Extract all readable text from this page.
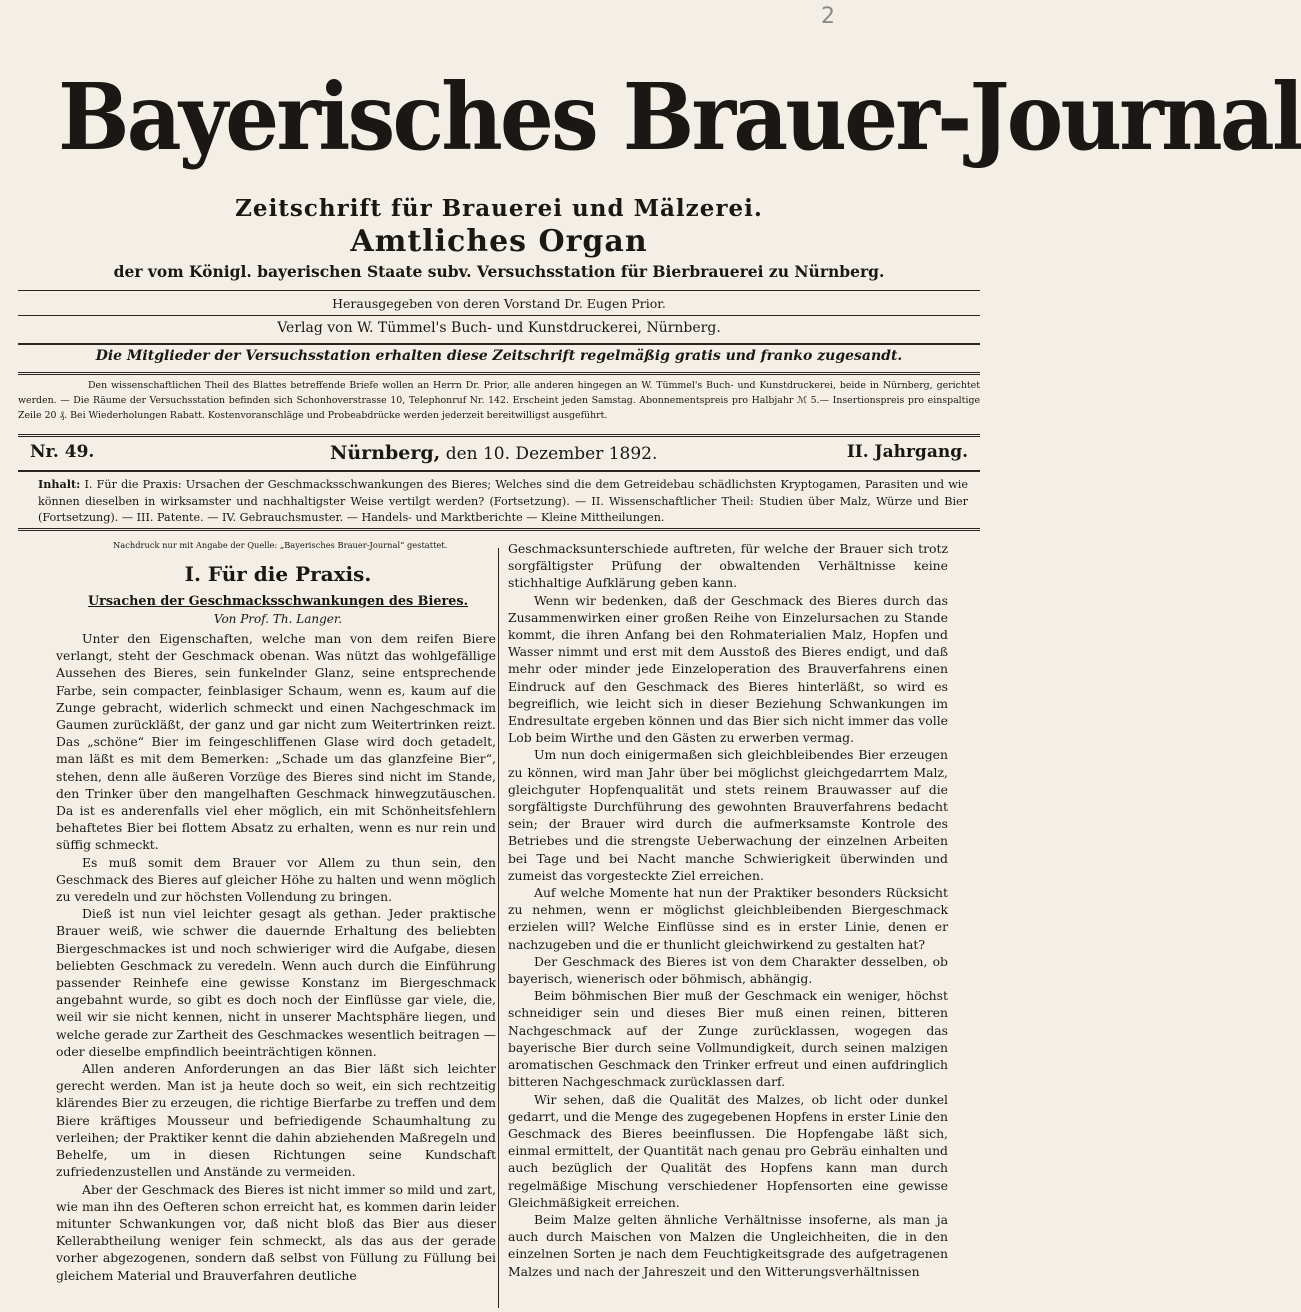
2
Bayerisches Brauer-Journal
Zeitschrift für Brauerei und Mälzerei.
Amtliches Organ
der vom Königl. bayerischen Staate subv. Versuchsstation für Bierbrauerei zu Nürnberg.
Herausgegeben von deren Vorstand Dr. Eugen Prior.
Verlag von W. Tümmel's Buch- und Kunstdruckerei, Nürnberg.
Die Mitglieder der Versuchsstation erhalten diese Zeitschrift regelmäßig gratis und franko zugesandt.
Den wissenschaftlichen Theil des Blattes betreffende Briefe wollen an Herrn Dr. Prior, alle anderen hingegen an W. Tümmel's Buch- und Kunstdruckerei, beide in Nürnberg, gerichtet werden. — Die Räume der Versuchsstation befinden sich Schonhoverstrasse 10, Telephonruf Nr. 142. Erscheint jeden Samstag. Abonnementspreis pro Halbjahr ℳ 5.— Insertionspreis pro einspaltige Zeile 20 ₰. Bei Wiederholungen Rabatt. Kostenvoranschläge und Probeabdrücke werden jederzeit bereitwilligst ausgeführt.
Nr. 49.	Nürnberg, den 10. Dezember 1892.	II. Jahrgang.
Inhalt: I. Für die Praxis: Ursachen der Geschmacksschwankungen des Bieres; Welches sind die dem Getreidebau schädlichsten Kryptogamen, Parasiten und wie können dieselben in wirksamster und nachhaltigster Weise vertilgt werden? (Fortsetzung). — II. Wissenschaftlicher Theil: Studien über Malz, Würze und Bier (Fortsetzung). — III. Patente. — IV. Gebrauchsmuster. — Handels- und Marktberichte — Kleine Mittheilungen.
Nachdruck nur mit Angabe der Quelle: „Bayerisches Brauer-Journal“ gestattet.
I. Für die Praxis.
Ursachen der Geschmacksschwankungen des Bieres.
Von Prof. Th. Langer.

Unter den Eigenschaften, welche man von dem reifen Biere verlangt, steht der Geschmack obenan. Was nützt das wohlgefällige Aussehen des Bieres, sein funkelnder Glanz, seine entsprechende Farbe, sein compacter, feinblasiger Schaum, wenn es, kaum auf die Zunge gebracht, widerlich schmeckt und einen Nachgeschmack im Gaumen zurückläßt, der ganz und gar nicht zum Weitertrinken reizt. Das „schöne“ Bier im feingeschliffenen Glase wird doch getadelt, man läßt es mit dem Bemerken: „Schade um das glanzfeine Bier“, stehen, denn alle äußeren Vorzüge des Bieres sind nicht im Stande, den Trinker über den mangelhaften Geschmack hinwegzutäuschen. Da ist es anderenfalls viel eher möglich, ein mit Schönheitsfehlern behaftetes Bier bei flottem Absatz zu erhalten, wenn es nur rein und süffig schmeckt.

Es muß somit dem Brauer vor Allem zu thun sein, den Geschmack des Bieres auf gleicher Höhe zu halten und wenn möglich zu veredeln und zur höchsten Vollendung zu bringen.

Dieß ist nun viel leichter gesagt als gethan. Jeder praktische Brauer weiß, wie schwer die dauernde Erhaltung des beliebten Biergeschmackes ist und noch schwieriger wird die Aufgabe, diesen beliebten Geschmack zu veredeln. Wenn auch durch die Einführung passender Reinhefe eine gewisse Konstanz im Biergeschmack angebahnt wurde, so gibt es doch noch der Einflüsse gar viele, die, weil wir sie nicht kennen, nicht in unserer Machtsphäre liegen, und welche gerade zur Zartheit des Geschmackes wesentlich beitragen — oder dieselbe empfindlich beeinträchtigen können.

Allen anderen Anforderungen an das Bier läßt sich leichter gerecht werden. Man ist ja heute doch so weit, ein sich rechtzeitig klärendes Bier zu erzeugen, die richtige Bierfarbe zu treffen und dem Biere kräftiges Mousseur und befriedigende Schaumhaltung zu verleihen; der Praktiker kennt die dahin abziehenden Maßregeln und Behelfe, um in diesen Richtungen seine Kundschaft zufriedenzustellen und Anstände zu vermeiden.

Aber der Geschmack des Bieres ist nicht immer so mild und zart, wie man ihn des Oefteren schon erreicht hat, es kommen darin leider mitunter Schwankungen vor, daß nicht bloß das Bier aus dieser Kellerabtheilung weniger fein schmeckt, als das aus der gerade vorher abgezogenen, sondern daß selbst von Füllung zu Füllung bei gleichem Material und Brauverfahren deutliche

Geschmacksunterschiede auftreten, für welche der Brauer sich trotz sorgfältigster Prüfung der obwaltenden Verhältnisse keine stichhaltige Aufklärung geben kann.

Wenn wir bedenken, daß der Geschmack des Bieres durch das Zusammenwirken einer großen Reihe von Einzelursachen zu Stande kommt, die ihren Anfang bei den Rohmaterialien Malz, Hopfen und Wasser nimmt und erst mit dem Ausstoß des Bieres endigt, und daß mehr oder minder jede Einzeloperation des Brauverfahrens einen Eindruck auf den Geschmack des Bieres hinterläßt, so wird es begreiflich, wie leicht sich in dieser Beziehung Schwankungen im Endresultate ergeben können und das Bier sich nicht immer das volle Lob beim Wirthe und den Gästen zu erwerben vermag.

Um nun doch einigermaßen sich gleichbleibendes Bier erzeugen zu können, wird man Jahr über bei möglichst gleichgedarrtem Malz, gleichguter Hopfenqualität und stets reinem Brauwasser auf die sorgfältigste Durchführung des gewohnten Brauverfahrens bedacht sein; der Brauer wird durch die aufmerksamste Kontrole des Betriebes und die strengste Ueberwachung der einzelnen Arbeiten bei Tage und bei Nacht manche Schwierigkeit überwinden und zumeist das vorgesteckte Ziel erreichen.

Auf welche Momente hat nun der Praktiker besonders Rücksicht zu nehmen, wenn er möglichst gleichbleibenden Biergeschmack erzielen will? Welche Einflüsse sind es in erster Linie, denen er nachzugeben und die er thunlicht gleichwirkend zu gestalten hat?

Der Geschmack des Bieres ist von dem Charakter desselben, ob bayerisch, wienerisch oder böhmisch, abhängig.

Beim böhmischen Bier muß der Geschmack ein weniger, höchst schneidiger sein und dieses Bier muß einen reinen, bitteren Nachgeschmack auf der Zunge zurücklassen, wogegen das bayerische Bier durch seine Vollmundigkeit, durch seinen malzigen aromatischen Geschmack den Trinker erfreut und einen aufdringlich bitteren Nachgeschmack zurücklassen darf.

Wir sehen, daß die Qualität des Malzes, ob licht oder dunkel gedarrt, und die Menge des zugegebenen Hopfens in erster Linie den Geschmack des Bieres beeinflussen. Die Hopfengabe läßt sich, einmal ermittelt, der Quantität nach genau pro Gebräu einhalten und auch bezüglich der Qualität des Hopfens kann man durch regelmäßige Mischung verschiedener Hopfensorten eine gewisse Gleichmäßigkeit erreichen.

Beim Malze gelten ähnliche Verhältnisse insoferne, als man ja auch durch Maischen von Malzen die Ungleichheiten, die in den einzelnen Sorten je nach dem Feuchtigkeitsgrade des aufgetragenen Malzes und nach der Jahreszeit und den Witterungsverhältnissen
